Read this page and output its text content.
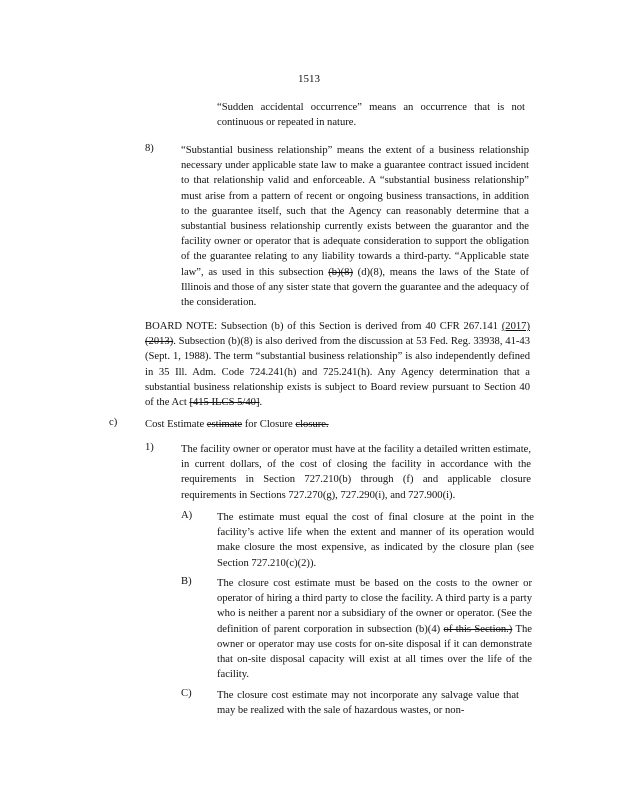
1513

“Sudden accidental occurrence” means an occurrence that is not continuous or repeated in nature.

8)	“Substantial business relationship” means the extent of a business relationship necessary under applicable state law to make a guarantee contract issued incident to that relationship valid and enforceable. A “substantial business relationship” must arise from a pattern of recent or ongoing business transactions, in addition to the guarantee itself, such that the Agency can reasonably determine that a substantial business relationship currently exists between the guarantor and the facility owner or operator that is adequate consideration to support the obligation of the guarantee relating to any liability towards a third-party. “Applicable state law”, as used in this subsection (b)(8) (d)(8), means the laws of the State of Illinois and those of any sister state that govern the guarantee and the adequacy of the consideration.

BOARD NOTE: Subsection (b) of this Section is derived from 40 CFR 267.141 (2017) (2013). Subsection (b)(8) is also derived from the discussion at 53 Fed. Reg. 33938, 41-43 (Sept. 1, 1988). The term “substantial business relationship” is also independently defined in 35 Ill. Adm. Code 724.241(h) and 725.241(h). Any Agency determination that a substantial business relationship exists is subject to Board review pursuant to Section 40 of the Act [415 ILCS 5/40].

c)	Cost Estimate estimate for Closure closure.

1)	The facility owner or operator must have at the facility a detailed written estimate, in current dollars, of the cost of closing the facility in accordance with the requirements in Section 727.210(b) through (f) and applicable closure requirements in Sections 727.270(g), 727.290(i), and 727.900(i).

A) The estimate must equal the cost of final closure at the point in the facility’s active life when the extent and manner of its operation would make closure the most expensive, as indicated by the closure plan (see Section 727.210(c)(2)).

B) The closure cost estimate must be based on the costs to the owner or operator of hiring a third party to close the facility. A third party is a party who is neither a parent nor a subsidiary of the owner or operator. (See the definition of parent corporation in subsection (b)(4) of this Section.) The owner or operator may use costs for on-site disposal if it can demonstrate that on-site disposal capacity will exist at all times over the life of the facility.

C) The closure cost estimate may not incorporate any salvage value that may be realized with the sale of hazardous wastes, or non-
